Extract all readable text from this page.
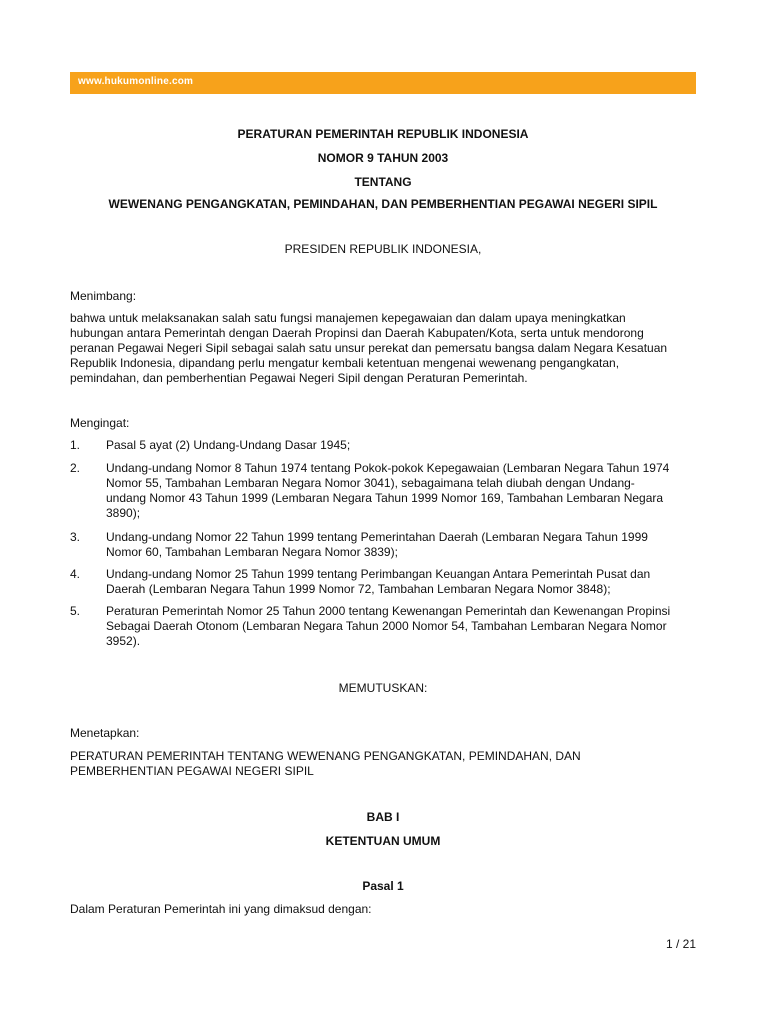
www.hukumonline.com
PERATURAN PEMERINTAH REPUBLIK INDONESIA
NOMOR 9 TAHUN 2003
TENTANG
WEWENANG PENGANGKATAN, PEMINDAHAN, DAN PEMBERHENTIAN PEGAWAI NEGERI SIPIL
PRESIDEN REPUBLIK INDONESIA,
Menimbang:
bahwa untuk melaksanakan salah satu fungsi manajemen kepegawaian dan dalam upaya meningkatkan
hubungan antara Pemerintah dengan Daerah Propinsi dan Daerah Kabupaten/Kota, serta untuk mendorong
peranan Pegawai Negeri Sipil sebagai salah satu unsur perekat dan pemersatu bangsa dalam Negara Kesatuan
Republik Indonesia, dipandang perlu mengatur kembali ketentuan mengenai wewenang pengangkatan,
pemindahan, dan pemberhentian Pegawai Negeri Sipil dengan Peraturan Pemerintah.
Mengingat:
1. Pasal 5 ayat (2) Undang-Undang Dasar 1945;
2. Undang-undang Nomor 8 Tahun 1974 tentang Pokok-pokok Kepegawaian (Lembaran Negara Tahun 1974
Nomor 55, Tambahan Lembaran Negara Nomor 3041), sebagaimana telah diubah dengan Undang-
undang Nomor 43 Tahun 1999 (Lembaran Negara Tahun 1999 Nomor 169, Tambahan Lembaran Negara
3890);
3. Undang-undang Nomor 22 Tahun 1999 tentang Pemerintahan Daerah (Lembaran Negara Tahun 1999
Nomor 60, Tambahan Lembaran Negara Nomor 3839);
4. Undang-undang Nomor 25 Tahun 1999 tentang Perimbangan Keuangan Antara Pemerintah Pusat dan
Daerah (Lembaran Negara Tahun 1999 Nomor 72, Tambahan Lembaran Negara Nomor 3848);
5. Peraturan Pemerintah Nomor 25 Tahun 2000 tentang Kewenangan Pemerintah dan Kewenangan Propinsi
Sebagai Daerah Otonom (Lembaran Negara Tahun 2000 Nomor 54, Tambahan Lembaran Negara Nomor
3952).
MEMUTUSKAN:
Menetapkan:
PERATURAN PEMERINTAH TENTANG WEWENANG PENGANGKATAN, PEMINDAHAN, DAN
PEMBERHENTIAN PEGAWAI NEGERI SIPIL
BAB I
KETENTUAN UMUM
Pasal 1
Dalam Peraturan Pemerintah ini yang dimaksud dengan:
1 / 21
